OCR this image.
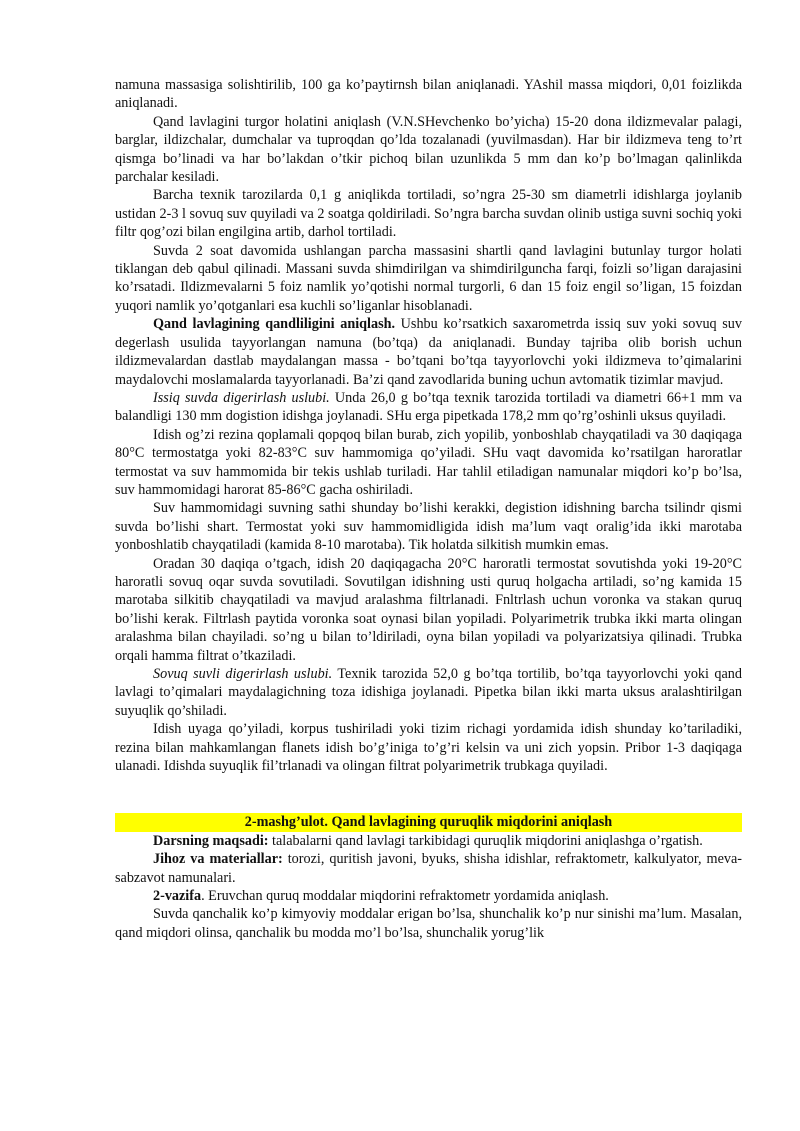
namuna massasiga solishtirilib, 100 ga ko’paytirnsh bilan aniqlanadi. YAshil massa miqdori, 0,01 foizlikda aniqlanadi.

Qand lavlagini turgor holatini aniqlash (V.N.SHevchenko bo’yicha) 15-20 dona ildizmevalar palagi, barglar, ildizchalar, dumchalar va tuproqdan qo’lda tozalanadi (yuvilmasdan). Har bir ildizmeva teng to’rt qismga bo’linadi va har bo’lakdan o’tkir pichoq bilan uzunlikda 5 mm dan ko’p bo’lmagan qalinlikda parchalar kesiladi.

Barcha texnik tarozilarda 0,1 g aniqlikda tortiladi, so’ngra 25-30 sm diametrli idishlarga joylanib ustidan 2-3 l sovuq suv quyiladi va 2 soatga qoldiriladi. So’ngra barcha suvdan olinib ustiga suvni sochiq yoki filtr qog’ozi bilan engilgina artib, darhol tortiladi.

Suvda 2 soat davomida ushlangan parcha massasini shartli qand lavlagini butunlay turgor holati tiklangan deb qabul qilinadi. Massani suvda shimdirilgan va shimdirilguncha farqi, foizli so’ligan darajasini ko’rsatadi. Ildizmevalarni 5 foiz namlik yo’qotishi normal turgorli, 6 dan 15 foiz engil so’ligan, 15 foizdan yuqori namlik yo’qotganlari esa kuchli so’liganlar hisoblanadi.

Qand lavlagining qandliligini aniqlash. Ushbu ko’rsatkich saxarometrda issiq suv yoki sovuq suv degerlash usulida tayyorlangan namuna (bo’tqa) da aniqlanadi. Bunday tajriba olib borish uchun ildizmevalardan dastlab maydalangan massa - bo’tqani bo’tqa tayyorlovchi yoki ildizmeva to’qimalarini maydalovchi moslamalarda tayyorlanadi. Ba’zi qand zavodlarida buning uchun avtomatik tizimlar mavjud.

Issiq suvda digerirlash uslubi. Unda 26,0 g bo’tqa texnik tarozida tortiladi va diametri 66+1 mm va balandligi 130 mm dogistion idishga joylanadi. SHu erga pipetkada 178,2 mm qo’rg’oshinli uksus quyiladi.

Idish og’zi rezina qoplamali qopqoq bilan burab, zich yopilib, yonboshlab chayqatiladi va 30 daqiqaga 80°C termostatga yoki 82-83°C suv hammomiga qo’yiladi. SHu vaqt davomida ko’rsatilgan haroratlar termostat va suv hammomida bir tekis ushlab turiladi. Har tahlil etiladigan namunalar miqdori ko’p bo’lsa, suv hammomidagi harorat 85-86°C gacha oshiriladi.

Suv hammomidagi suvning sathi shunday bo’lishi kerakki, degistion idishning barcha tsilindr qismi suvda bo’lishi shart. Termostat yoki suv hammomidligida idish ma’lum vaqt oralig’ida ikki marotaba yonboshlatib chayqatiladi (kamida 8-10 marotaba). Tik holatda silkitish mumkin emas.

Oradan 30 daqiqa o’tgach, idish 20 daqiqagacha 20°C haroratli termostat sovutishda yoki 19-20°C haroratli sovuq oqar suvda sovutiladi. Sovutilgan idishning usti quruq holgacha artiladi, so’ng kamida 15 marotaba silkitib chayqatiladi va mavjud aralashma filtrlanadi. Fnltrlash uchun voronka va stakan quruq bo’lishi kerak. Filtrlash paytida voronka soat oynasi bilan yopiladi. Polyarimetrik trubka ikki marta olingan aralashma bilan chayiladi. so’ng u bilan to’ldiriladi, oyna bilan yopiladi va polyarizatsiya qilinadi. Trubka orqali hamma filtrat o’tkaziladi.

Sovuq suvli digerirlash uslubi. Texnik tarozida 52,0 g bo’tqa tortilib, bo’tqa tayyorlovchi yoki qand lavlagi to’qimalari maydalagichning toza idishiga joylanadi. Pipetka bilan ikki marta uksus aralashtirilgan suyuqlik qo’shiladi.

Idish uyaga qo’yiladi, korpus tushiriladi yoki tizim richagi yordamida idish shunday ko’tariladiki, rezina bilan mahkamlangan flanets idish bo’g’iniga to’g’ri kelsin va uni zich yopsin. Pribor 1-3 daqiqaga ulanadi. Idishda suyuqlik fil’trlanadi va olingan filtrat polyarimetrik trubkaga quyiladi.

2-mashg’ulot. Qand lavlagining quruqlik miqdorini aniqlash

Darsning maqsadi: talabalarni qand lavlagi tarkibidagi quruqlik miqdorini aniqlashga o’rgatish.

Jihoz va materiallar: torozi, quritish javoni, byuks, shisha idishlar, refraktometr, kalkulyator, meva-sabzavot namunalari.

2-vazifa. Eruvchan quruq moddalar miqdorini refraktometr yordamida aniqlash.

Suvda qanchalik ko’p kimyoviy moddalar erigan bo’lsa, shunchalik ko’p nur sinishi ma’lum. Masalan, qand miqdori olinsa, qanchalik bu modda mo’l bo’lsa, shunchalik yorug’lik
